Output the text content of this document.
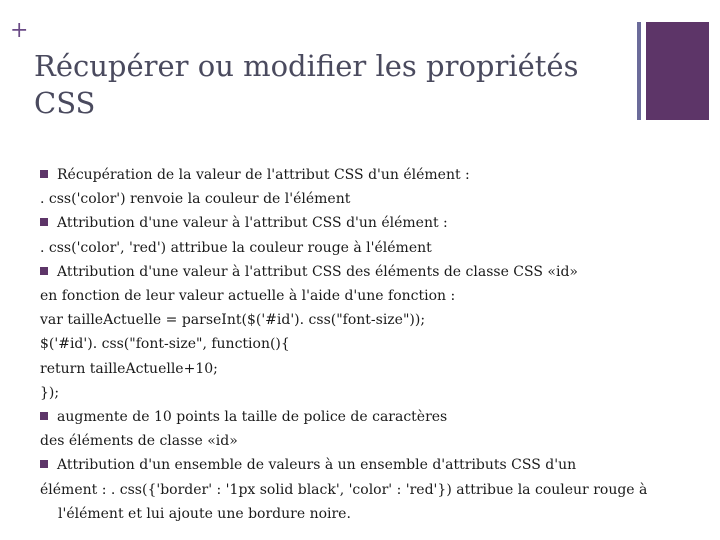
+
Récupérer ou modifier les propriétés
CSS
Récupération de la valeur de l'attribut CSS d'un élément :
. css('color') renvoie la couleur de l'élément
Attribution d'une valeur à l'attribut CSS d'un élément :
. css('color', 'red') attribue la couleur rouge à l'élément
Attribution d'une valeur à l'attribut CSS des éléments de classe CSS «id»
en fonction de leur valeur actuelle à l'aide d'une fonction :
var tailleActuelle = parseInt($('#id'). css("font-size"));
$('#id'). css("font-size", function(){
return tailleActuelle+10;
});
augmente de 10 points la taille de police de caractères
des éléments de classe «id»
Attribution d'un ensemble de valeurs à un ensemble d'attributs CSS d'un
élément : . css({'border' : '1px solid black', 'color' : 'red'}) attribue la couleur rouge à
l'élément et lui ajoute une bordure noire.
